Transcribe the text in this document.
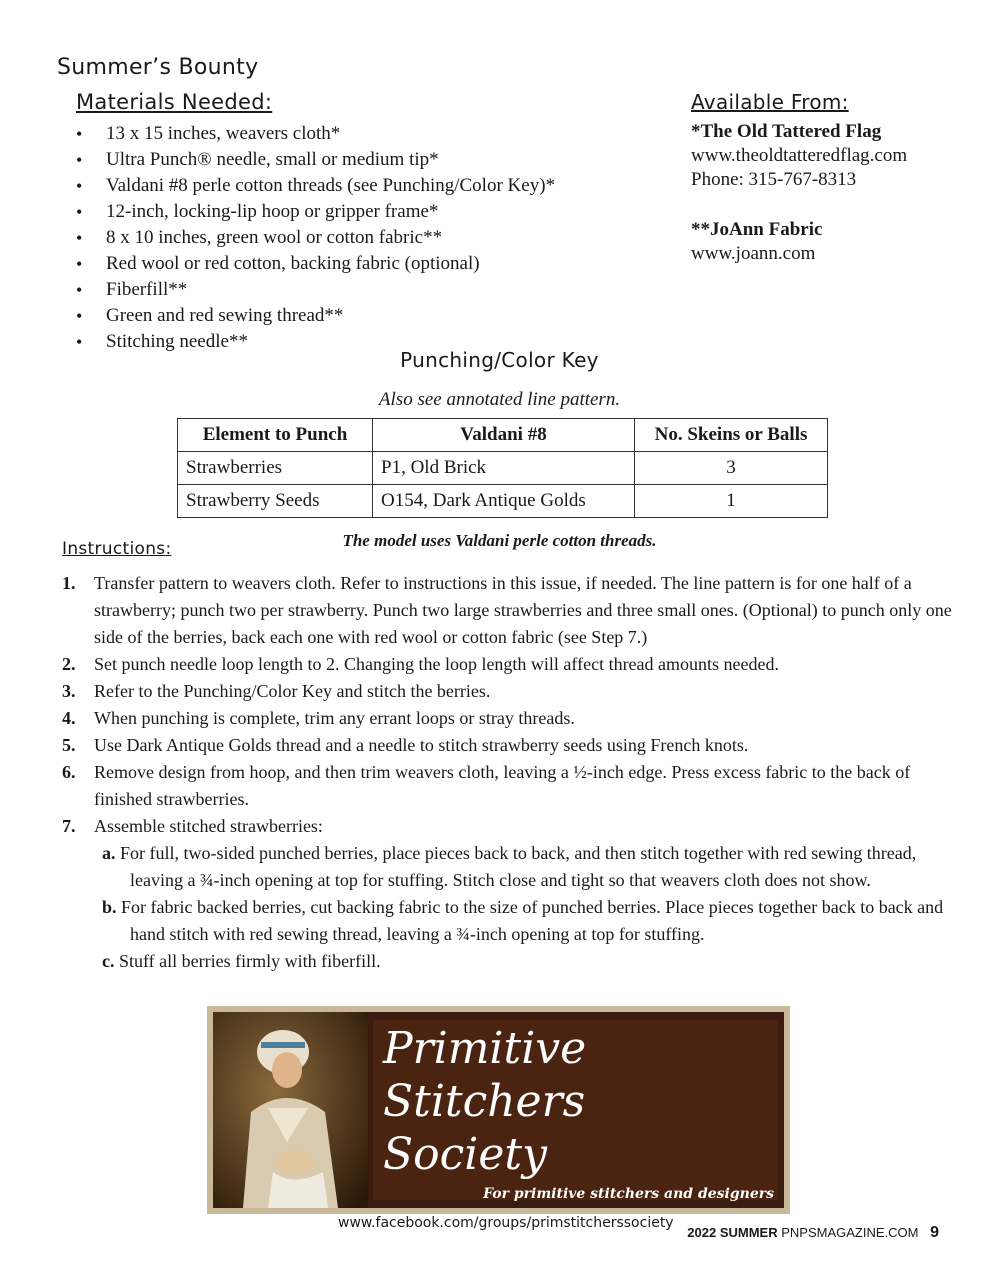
Summer’s Bounty
Materials Needed:
• 13 x 15 inches, weavers cloth*
• Ultra Punch® needle, small or medium tip*
• Valdani #8 perle cotton threads (see Punching/Color Key)*
• 12-inch, locking-lip hoop or gripper frame*
• 8 x 10 inches, green wool or cotton fabric**
• Red wool or red cotton, backing fabric (optional)
• Fiberfill**
• Green and red sewing thread**
• Stitching needle**
Available From:
*The Old Tattered Flag
www.theoldtatteredflag.com
Phone: 315-767-8313
**JoAnn Fabric
www.joann.com
Punching/Color Key
Also see annotated line pattern.
Element to Punch	Valdani #8	No. Skeins or Balls
Strawberries	P1, Old Brick	3
Strawberry Seeds	O154, Dark Antique Golds	1
Instructions:	The model uses Valdani perle cotton threads.
1. Transfer pattern to weavers cloth. Refer to instructions in this issue, if needed. The line pattern is for one half of a strawberry; punch two per strawberry. Punch two large strawberries and three small ones. (Optional) to punch only one side of the berries, back each one with red wool or cotton fabric (see Step 7.)
2. Set punch needle loop length to 2. Changing the loop length will affect thread amounts needed.
3. Refer to the Punching/Color Key and stitch the berries.
4. When punching is complete, trim any errant loops or stray threads.
5. Use Dark Antique Golds thread and a needle to stitch strawberry seeds using French knots.
6. Remove design from hoop, and then trim weavers cloth, leaving a ½-inch edge. Press excess fabric to the back of finished strawberries.
7. Assemble stitched strawberries:
a. For full, two-sided punched berries, place pieces back to back, and then stitch together with red sewing thread, leaving a ¾-inch opening at top for stuffing. Stitch close and tight so that weavers cloth does not show.
b. For fabric backed berries, cut backing fabric to the size of punched berries. Place pieces together back to back and hand stitch with red sewing thread, leaving a ¾-inch opening at top for stuffing.
c. Stuff all berries firmly with fiberfill.
Primitive
Stitchers
Society
For primitive stitchers and designers
www.facebook.com/groups/primstitcherssociety
2022 SUMMER PNPSMAGAZINE.COM 9
